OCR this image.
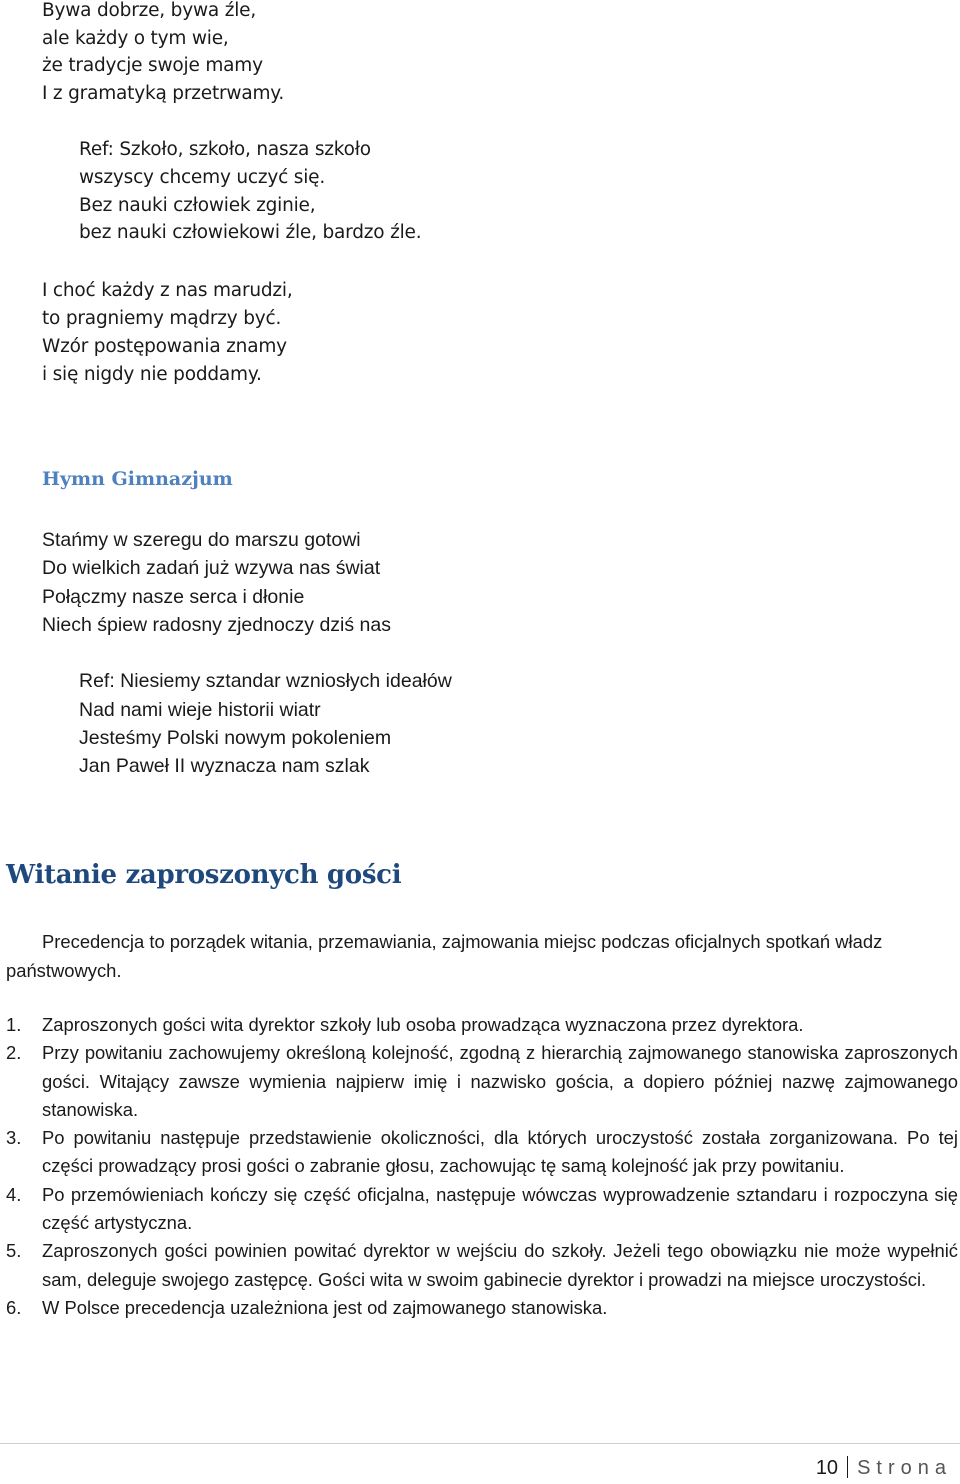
Bywa dobrze, bywa źle,
ale każdy o tym wie,
że tradycje swoje mamy
I z gramatyką przetrwamy.
Ref: Szkoło, szkoło, nasza szkoło
wszyscy chcemy uczyć się.
Bez nauki człowiek zginie,
bez nauki człowiekowi źle, bardzo źle.
I choć każdy z nas marudzi,
to pragniemy mądrzy być.
Wzór postępowania znamy
i się nigdy nie poddamy.
Hymn Gimnazjum
Stańmy w szeregu do marszu gotowi
Do wielkich zadań już wzywa nas świat
Połączmy nasze serca i dłonie
Niech śpiew radosny zjednoczy dziś nas
Ref: Niesiemy sztandar wzniosłych ideałów
Nad nami wieje historii wiatr
Jesteśmy Polski nowym pokoleniem
Jan Paweł II wyznacza nam szlak
Witanie zaproszonych gości

Precedencja to porządek witania, przemawiania, zajmowania miejsc podczas oficjalnych spotkań władz państwowych.

1. Zaproszonych gości wita dyrektor szkoły lub osoba prowadząca wyznaczona przez dyrektora.
2. Przy powitaniu zachowujemy określoną kolejność, zgodną z hierarchią zajmowanego stanowiska zaproszonych gości. Witający zawsze wymienia najpierw imię i nazwisko gościa, a dopiero później nazwę zajmowanego stanowiska.
3. Po powitaniu następuje przedstawienie okoliczności, dla których uroczystość została zorganizowana. Po tej części prowadzący prosi gości o zabranie głosu, zachowując tę samą kolejność jak przy powitaniu.
4. Po przemówieniach kończy się część oficjalna, następuje wówczas wyprowadzenie sztandaru i rozpoczyna się część artystyczna.
5. Zaproszonych gości powinien powitać dyrektor w wejściu do szkoły. Jeżeli tego obowiązku nie może wypełnić sam, deleguje swojego zastępcę. Gości wita w swoim gabinecie dyrektor i prowadzi na miejsce uroczystości.
6. W Polsce precedencja uzależniona jest od zajmowanego stanowiska.
10 Strona
